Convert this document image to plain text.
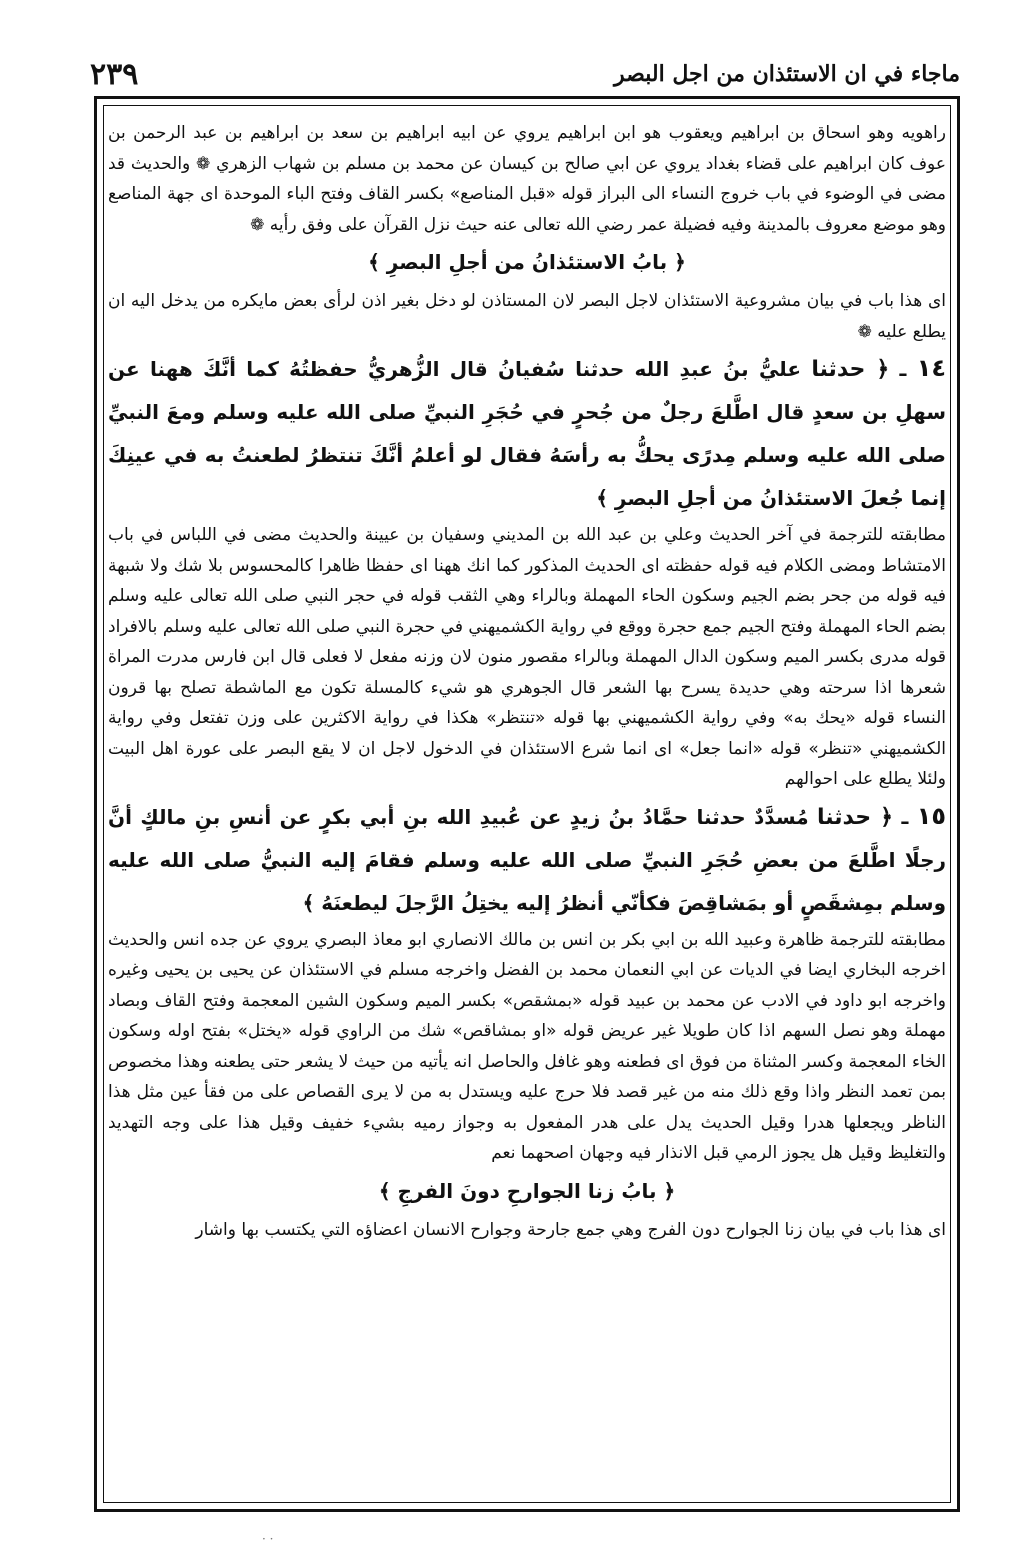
ماجاء في ان الاستئذان من اجل البصر
٢٣٩

راهويه وهو اسحاق بن ابراهيم ويعقوب هو ابن ابراهيم يروي عن ابيه ابراهيم بن سعد بن ابراهيم بن عبد الرحمن بن عوف كان ابراهيم على قضاء بغداد يروي عن ابي صالح بن كيسان عن محمد بن مسلم بن شهاب الزهري ❁ والحديث قد مضى في الوضوء في باب خروج النساء الى البراز قوله «قبل المناصع» بكسر القاف وفتح الباء الموحدة اى جهة المناصع وهو موضع معروف بالمدينة وفيه فضيلة عمر رضي الله تعالى عنه حيث نزل القرآن على وفق رأيه ❁

﴿ بابُ الاستئذانُ من أجلِ البصرِ ﴾

اى هذا باب في بيان مشروعية الاستئذان لاجل البصر لان المستاذن لو دخل بغير اذن لرأى بعض مايكره من يدخل اليه ان يطلع عليه ❁

١٤ ـ ﴿ حدثنا عليُّ بنُ عبدِ الله حدثنا سُفيانُ قال الزُّهريُّ حفظتُهُ كما أنَّكَ ههنا عن سهلِ بن سعدٍ قال اطَّلعَ رجلٌ من جُحرٍ في حُجَرِ النبيِّ صلى الله عليه وسلم ومعَ النبيِّ صلى الله عليه وسلم مِدرًى يحكُّ به رأسَهُ فقال لو أعلمُ أنَّكَ تنتظرُ لطعنتُ به في عينِكَ إنما جُعلَ الاستئذانُ من أجلِ البصرِ ﴾

مطابقته للترجمة في آخر الحديث وعلي بن عبد الله بن المديني وسفيان بن عيينة والحديث مضى في اللباس في باب الامتشاط ومضى الكلام فيه قوله حفظته اى الحديث المذكور كما انك ههنا اى حفظا ظاهرا كالمحسوس بلا شك ولا شبهة فيه قوله من جحر بضم الجيم وسكون الحاء المهملة وبالراء وهي الثقب قوله في حجر النبي صلى الله تعالى عليه وسلم بضم الحاء المهملة وفتح الجيم جمع حجرة ووقع في رواية الكشميهني في حجرة النبي صلى الله تعالى عليه وسلم بالافراد قوله مدرى بكسر الميم وسكون الدال المهملة وبالراء مقصور منون لان وزنه مفعل لا فعلى قال ابن فارس مدرت المراة شعرها اذا سرحته وهي حديدة يسرح بها الشعر قال الجوهري هو شيء كالمسلة تكون مع الماشطة تصلح بها قرون النساء قوله «يحك به» وفي رواية الكشميهني بها قوله «تنتظر» هكذا في رواية الاكثرين على وزن تفتعل وفي رواية الكشميهني «تنظر» قوله «انما جعل» اى انما شرع الاستئذان في الدخول لاجل ان لا يقع البصر على عورة اهل البيت ولئلا يطلع على احوالهم

١٥ ـ ﴿ حدثنا مُسدَّدٌ حدثنا حمَّادُ بنُ زيدٍ عن عُبيدِ الله بنِ أبي بكرٍ عن أنسِ بنِ مالكٍ أنَّ رجلًا اطَّلعَ من بعضِ حُجَرِ النبيِّ صلى الله عليه وسلم فقامَ إليه النبيُّ صلى الله عليه وسلم بمِشقَصٍ أو بمَشاقِصَ فكأنّي أنظرُ إليه يختِلُ الرَّجلَ ليطعنَهُ ﴾

مطابقته للترجمة ظاهرة وعبيد الله بن ابي بكر بن انس بن مالك الانصاري ابو معاذ البصري يروي عن جده انس والحديث اخرجه البخاري ايضا في الديات عن ابي النعمان محمد بن الفضل واخرجه مسلم في الاستئذان عن يحيى بن يحيى وغيره واخرجه ابو داود في الادب عن محمد بن عبيد قوله «بمشقص» بكسر الميم وسكون الشين المعجمة وفتح القاف وبصاد مهملة وهو نصل السهم اذا كان طويلا غير عريض قوله «او بمشاقص» شك من الراوي قوله «يختل» بفتح اوله وسكون الخاء المعجمة وكسر المثناة من فوق اى فطعنه وهو غافل والحاصل انه يأتيه من حيث لا يشعر حتى يطعنه وهذا مخصوص بمن تعمد النظر واذا وقع ذلك منه من غير قصد فلا حرج عليه ويستدل به من لا يرى القصاص على من فقأ عين مثل هذا الناظر ويجعلها هدرا وقيل الحديث يدل على هدر المفعول به وجواز رميه بشيء خفيف وقيل هذا على وجه التهديد والتغليظ وقيل هل يجوز الرمي قبل الانذار فيه وجهان اصحهما نعم

﴿ بابُ زنا الجوارحِ دونَ الفرجِ ﴾

اى هذا باب في بيان زنا الجوارح دون الفرج وهي جمع جارحة وجوارح الانسان اعضاؤه التي يكتسب بها واشار

· ·
